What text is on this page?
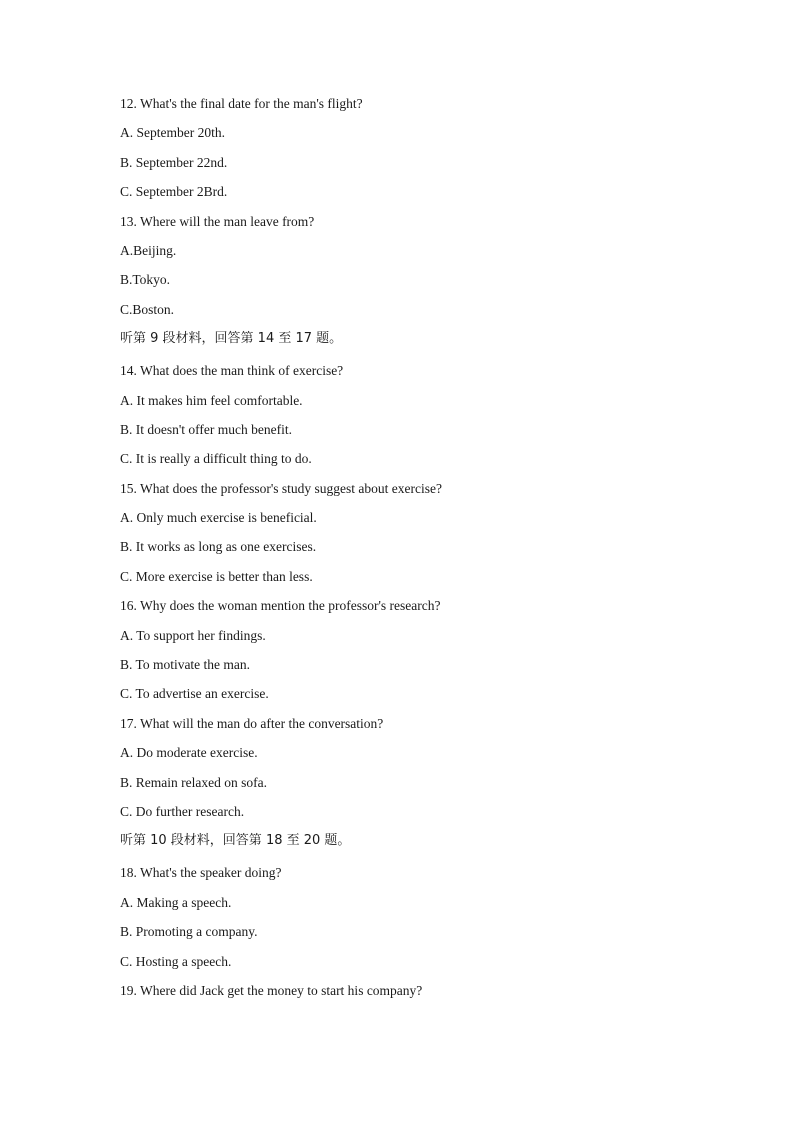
12. What's the final date for the man's flight?
A. September 20th.
B. September 22nd.
C. September 2Brd.
13. Where will the man leave from?
A.Beijing.
B.Tokyo.
C.Boston.
听第 9 段材料，回答第 14 至 17 题。
14. What does the man think of exercise?
A. It makes him feel comfortable.
B. It doesn't offer much benefit.
C. It is really a difficult thing to do.
15. What does the professor's study suggest about exercise?
A. Only much exercise is beneficial.
B. It works as long as one exercises.
C. More exercise is better than less.
16. Why does the woman mention the professor's research?
A. To support her findings.
B. To motivate the man.
C. To advertise an exercise.
17. What will the man do after the conversation?
A. Do moderate exercise.
B. Remain relaxed on sofa.
C. Do further research.
听第 10 段材料，回答第 18 至 20 题。
18. What's the speaker doing?
A. Making a speech.
B. Promoting a company.
C. Hosting a speech.
19. Where did Jack get the money to start his company?
